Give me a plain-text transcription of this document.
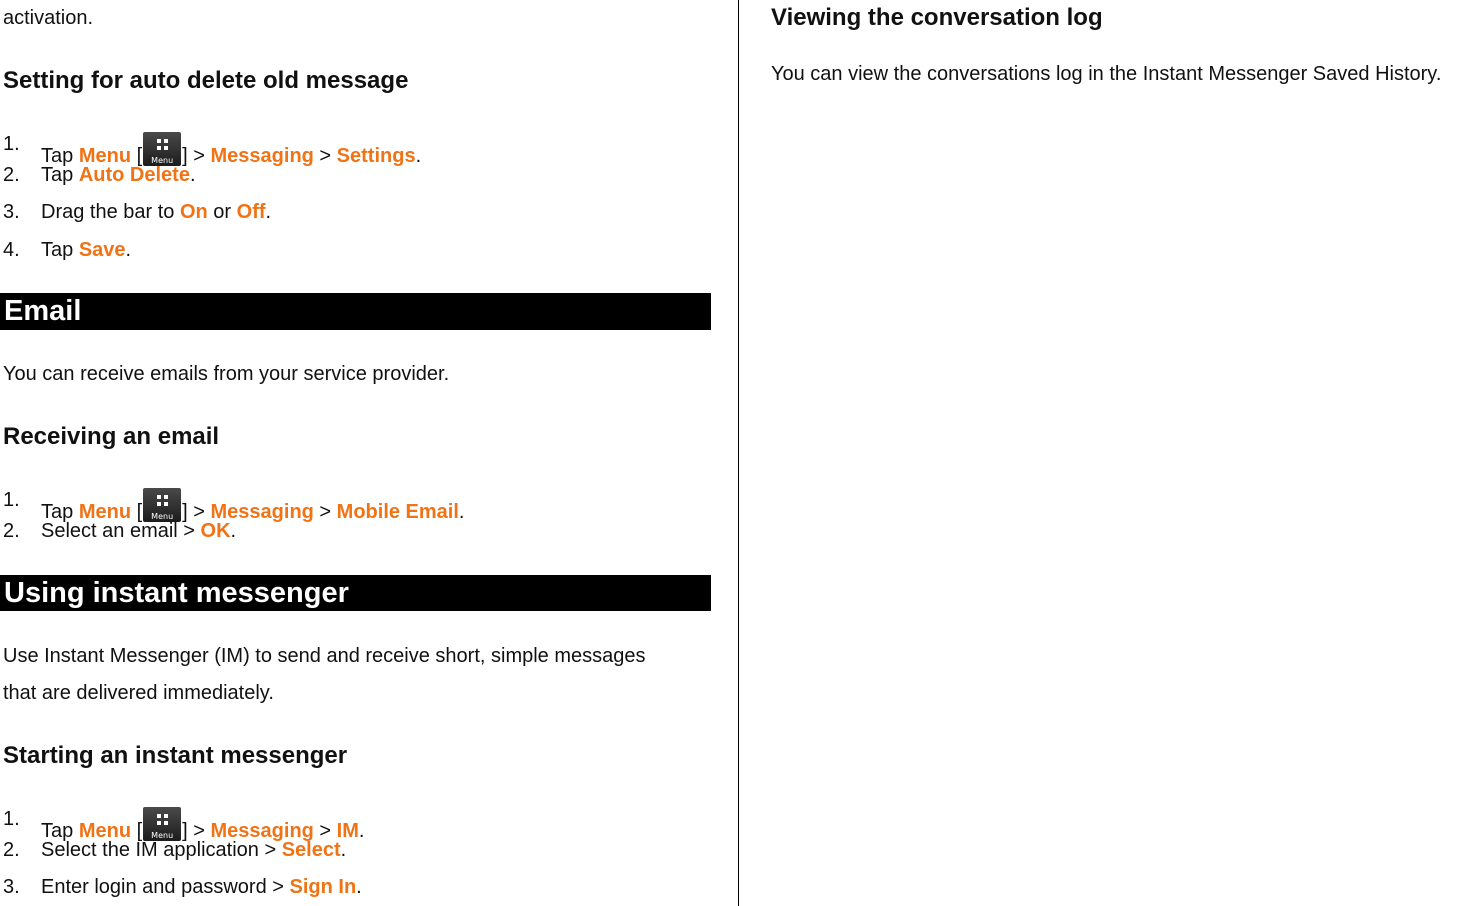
activation.
Setting for auto delete old message
1.
Tap Menu [	Menu ] > Messaging > Settings.
2. Tap Auto Delete.
3. Drag the bar to On or Off.
4. Tap Save.
Email
You can receive emails from your service provider.
Receiving an email
1.
Tap Menu [	Menu ] > Messaging > Mobile Email.
2. Select an email > OK.
Using instant messenger
Use Instant Messenger (IM) to send and receive short, simple messages
that are delivered immediately.
Starting an instant messenger
1.
Tap Menu [	Menu ] > Messaging > IM.
2. Select the IM application > Select.
3. Enter login and password > Sign In.
Viewing the conversation log
You can view the conversations log in the Instant Messenger Saved History.
